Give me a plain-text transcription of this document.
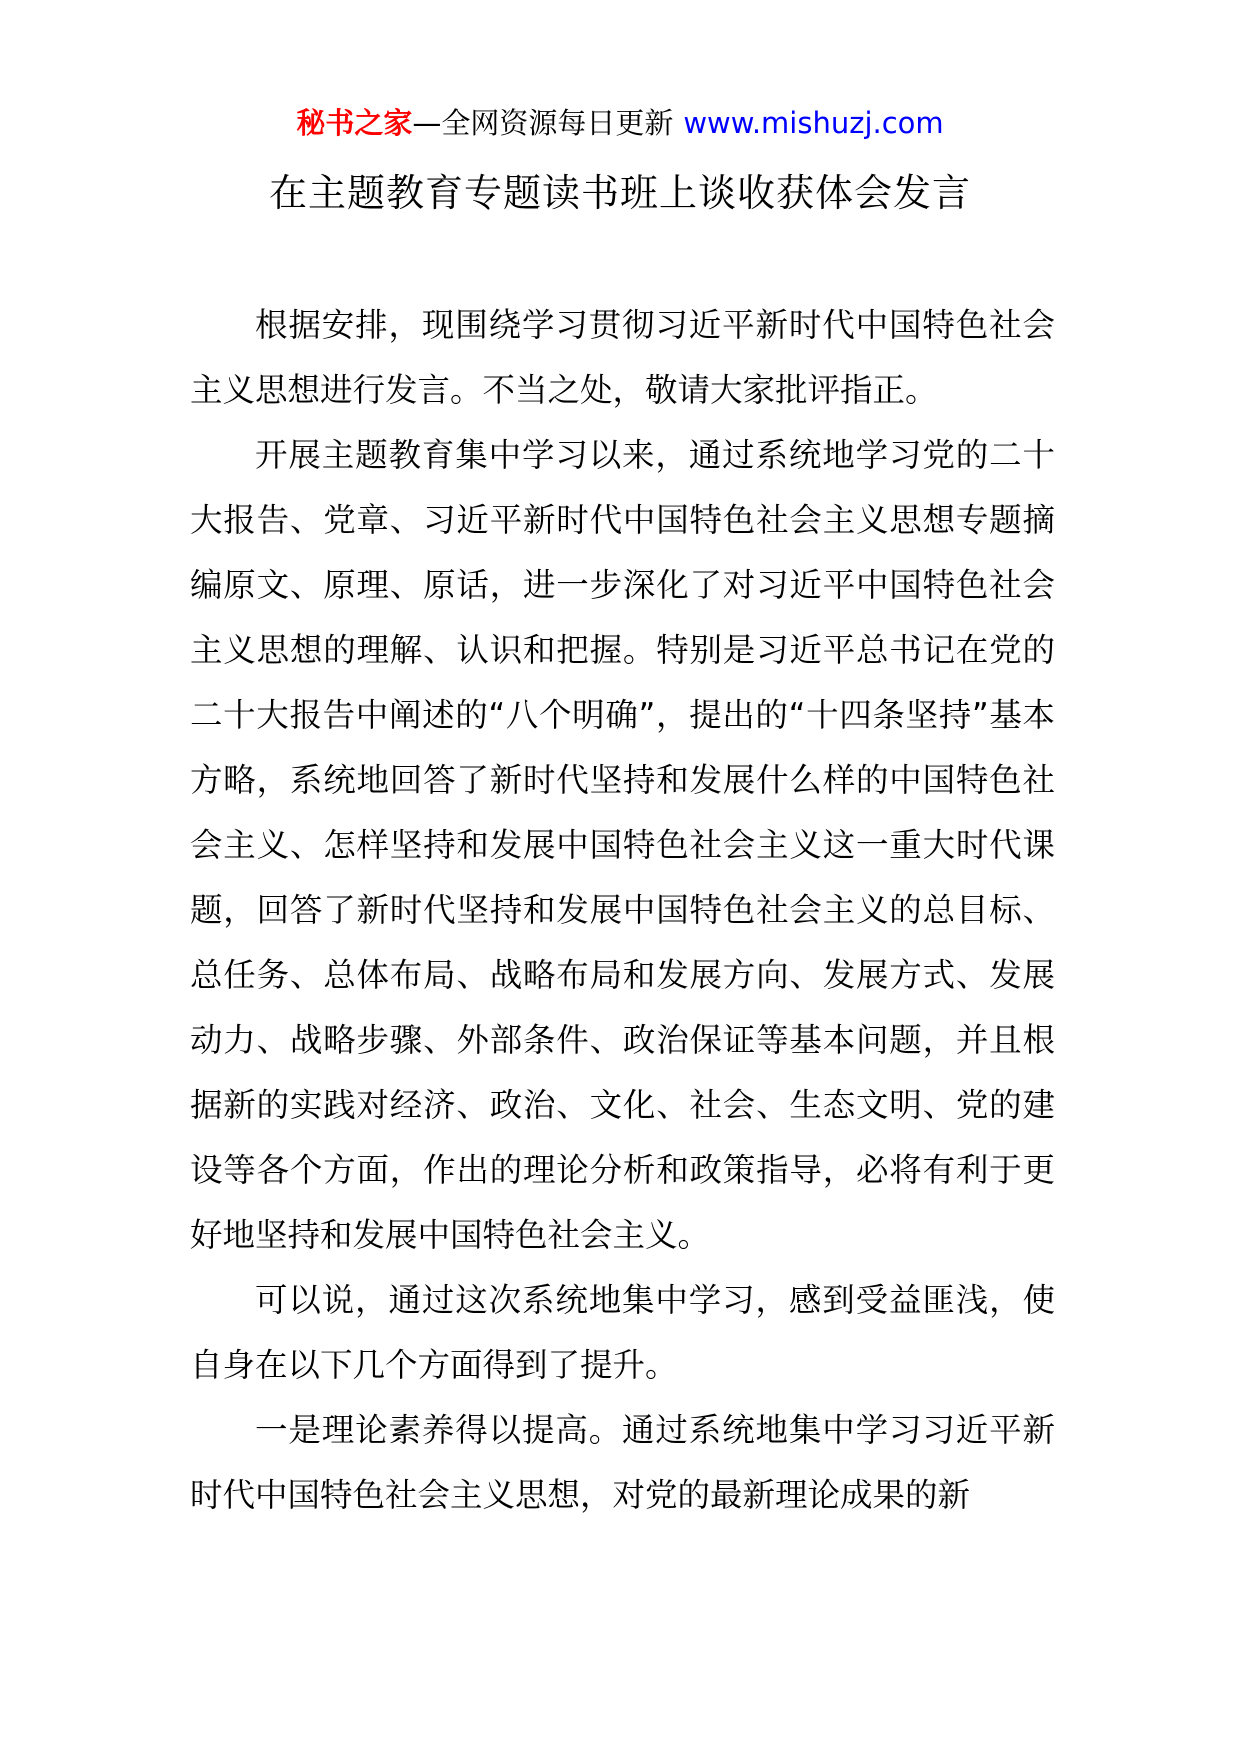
秘书之家—全网资源每日更新 www.mishuzj.com
在主题教育专题读书班上谈收获体会发言

根据安排，现围绕学习贯彻习近平新时代中国特色社会主义思想进行发言。不当之处，敬请大家批评指正。

开展主题教育集中学习以来，通过系统地学习党的二十大报告、党章、习近平新时代中国特色社会主义思想专题摘编原文、原理、原话，进一步深化了对习近平中国特色社会主义思想的理解、认识和把握。特别是习近平总书记在党的二十大报告中阐述的“八个明确”，提出的“十四条坚持”基本方略，系统地回答了新时代坚持和发展什么样的中国特色社会主义、怎样坚持和发展中国特色社会主义这一重大时代课题，回答了新时代坚持和发展中国特色社会主义的总目标、总任务、总体布局、战略布局和发展方向、发展方式、发展动力、战略步骤、外部条件、政治保证等基本问题，并且根据新的实践对经济、政治、文化、社会、生态文明、党的建设等各个方面，作出的理论分析和政策指导，必将有利于更好地坚持和发展中国特色社会主义。

可以说，通过这次系统地集中学习，感到受益匪浅，使自身在以下几个方面得到了提升。

一是理论素养得以提高。通过系统地集中学习习近平新时代中国特色社会主义思想，对党的最新理论成果的新
